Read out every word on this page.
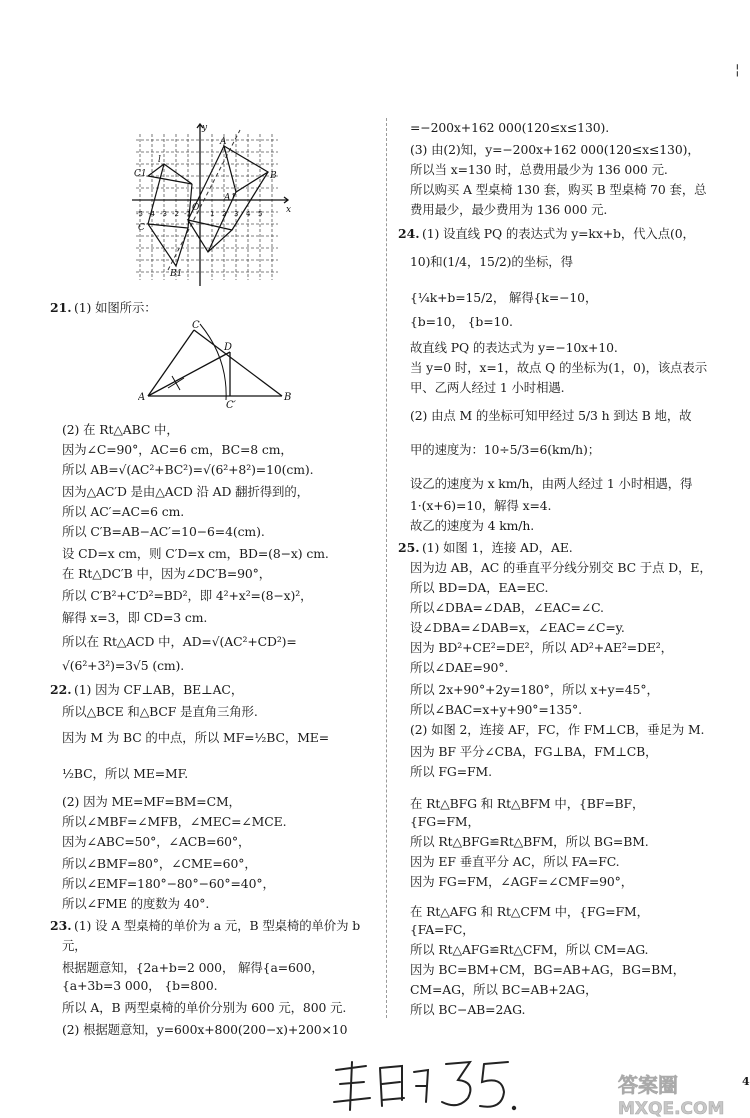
21. (1) 如图所示：
(2) 在 Rt△ABC 中，
因为∠C=90°，AC=6 cm，BC=8 cm，
所以 AB=√(AC²+BC²)=√(6²+8²)=10(cm).
因为△AC′D 是由△ACD 沿 AD 翻折得到的，
所以 AC′=AC=6 cm.
所以 C′B=AB−AC′=10−6=4(cm).
设 CD=x cm，则 C′D=x cm，BD=(8−x) cm.
在 Rt△DC′B 中，因为∠DC′B=90°，
所以 C′B²+C′D²=BD²，即 4²+x²=(8−x)²，
解得 x=3，即 CD=3 cm.
所以在 Rt△ACD 中，AD=√(AC²+CD²)=
√(6²+3²)=3√5 (cm).
22. (1) 因为 CF⊥AB，BE⊥AC，
所以△BCE 和△BCF 是直角三角形.
因为 M 为 BC 的中点，所以 MF=½BC，ME=
½BC，所以 ME=MF.
(2) 因为 ME=MF=BM=CM，
所以∠MBF=∠MFB，∠MEC=∠MCE.
因为∠ABC=50°，∠ACB=60°，
所以∠BMF=80°，∠CME=60°，
所以∠EMF=180°−80°−60°=40°，
所以∠FME 的度数为 40°.
23. (1) 设 A 型桌椅的单价为 a 元，B 型桌椅的单价为 b
元，
根据题意知，{2a+b=2 000， 解得{a=600，
{a+3b=3 000， {b=800.
所以 A，B 两型桌椅的单价分别为 600 元，800 元.
(2) 根据题意知，y=600x+800(200−x)+200×10
=−200x+162 000(120≤x≤130).
(3) 由(2)知，y=−200x+162 000(120≤x≤130)，
所以当 x=130 时，总费用最少为 136 000 元.
所以购买 A 型桌椅 130 套，购买 B 型桌椅 70 套，总
费用最少，最少费用为 136 000 元.
24. (1) 设直线 PQ 的表达式为 y=kx+b，代入点(0，
10)和(1/4，15/2)的坐标，得
{¼k+b=15/2， 解得{k=−10，
{b=10， {b=10.
故直线 PQ 的表达式为 y=−10x+10.
当 y=0 时，x=1，故点 Q 的坐标为(1，0)，该点表示
甲、乙两人经过 1 小时相遇.
(2) 由点 M 的坐标可知甲经过 5/3 h 到达 B 地，故
甲的速度为：10÷5/3=6(km/h)；
设乙的速度为 x km/h，由两人经过 1 小时相遇，得
1·(x+6)=10，解得 x=4.
故乙的速度为 4 km/h.
25. (1) 如图 1，连接 AD，AE.
因为边 AB，AC 的垂直平分线分别交 BC 于点 D，E，
所以 BD=DA，EA=EC.
所以∠DBA=∠DAB，∠EAC=∠C.
设∠DBA=∠DAB=x，∠EAC=∠C=y.
因为 BD²+CE²=DE²，所以 AD²+AE²=DE²，
所以∠DAE=90°.
所以 2x+90°+2y=180°，所以 x+y=45°，
所以∠BAC=x+y+90°=135°.
(2) 如图 2，连接 AF，FC，作 FM⊥CB，垂足为 M.
因为 BF 平分∠CBA，FG⊥BA，FM⊥CB，
所以 FG=FM.
在 Rt△BFG 和 Rt△BFM 中，{BF=BF，
{FG=FM，
所以 Rt△BFG≌Rt△BFM，所以 BG=BM.
因为 EF 垂直平分 AC，所以 FA=FC.
因为 FG=FM，∠AGF=∠CMF=90°，
在 Rt△AFG 和 Rt△CFM 中，{FG=FM，
{FA=FC，
所以 Rt△AFG≌Rt△CFM，所以 CM=AG.
因为 BC=BM+CM，BG=AB+AG，BG=BM，
CM=AG，所以 BC=AB+2AG，
所以 BC−AB=2AG.
y
x
O
A
B
C
A1
B1
C1
l
-5 -4 -3 -2 -1	1 2 3 4 5
A	B
C
D
C′
答案圈
MXQE.COM
4
¦
